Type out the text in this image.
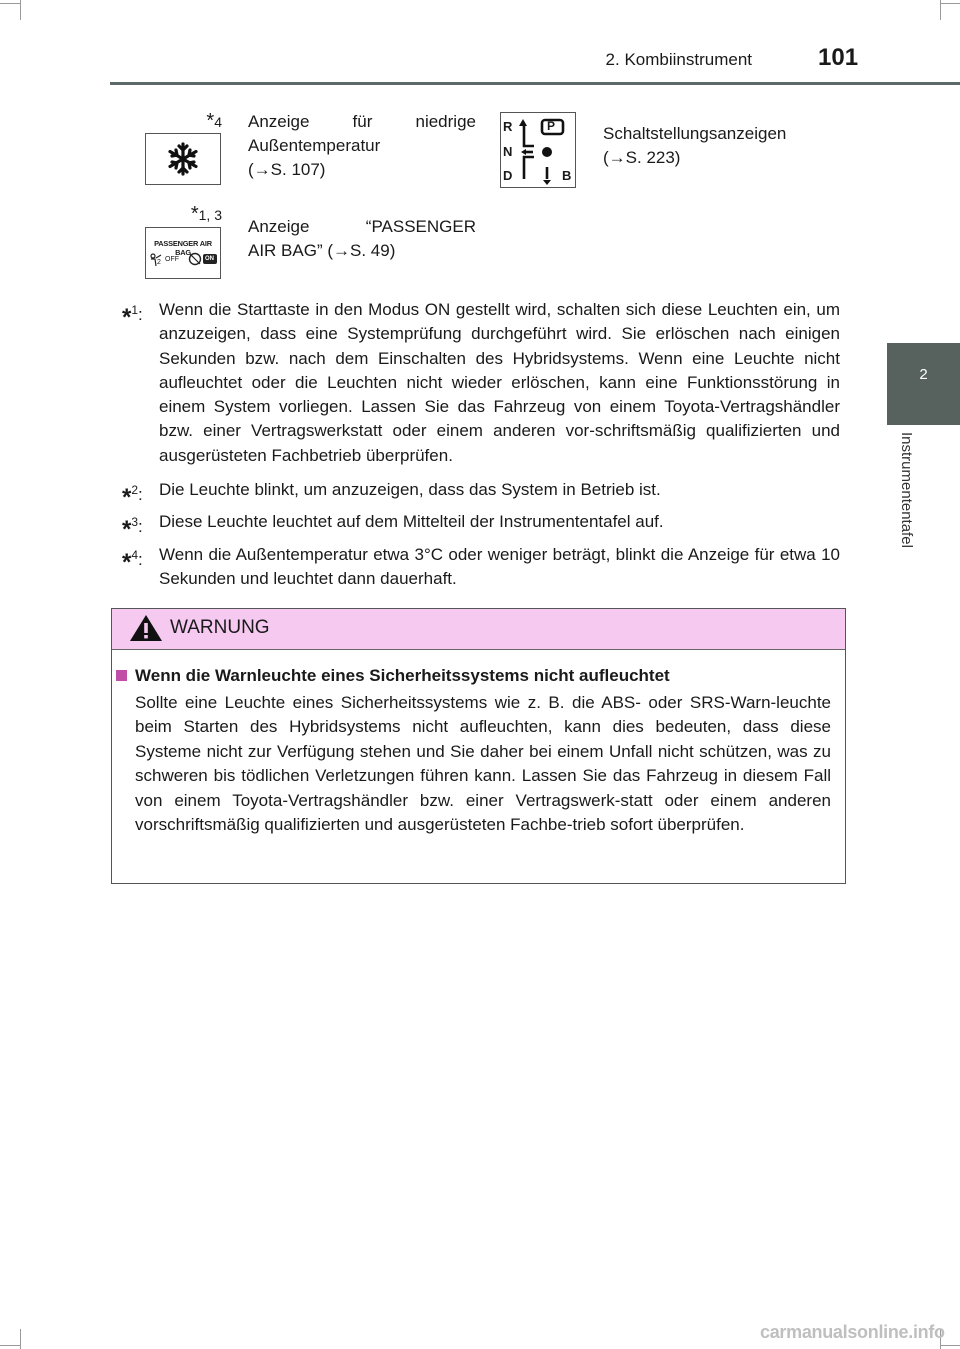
2. Kombiinstrument	101
2
Instrumententafel
*4 Anzeige für niedrige
Außentemperatur
(→S. 107)
R	P
N
D	B
Schaltstellungsanzeigen
(→S. 223)
*1, 3
PASSENGER AIR BAG
2 OFF	ON
Anzeige “PASSENGER
AIR BAG” (→S. 49)
*$^1$: Wenn die Starttaste in den Modus ON gestellt wird, schalten sich diese Leuchten ein, um anzuzeigen, dass eine Systemprüfung durchgeführt wird. Sie erlöschen nach einigen Sekunden bzw. nach dem Einschalten des Hybridsystems. Wenn eine Leuchte nicht aufleuchtet oder die Leuchten nicht wieder erlöschen, kann eine Funktionsstörung in einem System vorliegen. Lassen Sie das Fahrzeug von einem Toyota-Vertragshändler bzw. einer Vertragswerkstatt oder einem anderen vor-schriftsmäßig qualifizierten und ausgerüsteten Fachbetrieb überprüfen.
*$^2$: Die Leuchte blinkt, um anzuzeigen, dass das System in Betrieb ist.
*$^3$: Diese Leuchte leuchtet auf dem Mittelteil der Instrumententafel auf.
*$^4$: Wenn die Außentemperatur etwa 3°C oder weniger beträgt, blinkt die Anzeige für etwa 10 Sekunden und leuchtet dann dauerhaft.
WARNUNG
Wenn die Warnleuchte eines Sicherheitssystems nicht aufleuchtet
Sollte eine Leuchte eines Sicherheitssystems wie z. B. die ABS- oder SRS-Warn-leuchte beim Starten des Hybridsystems nicht aufleuchten, kann dies bedeuten, dass diese Systeme nicht zur Verfügung stehen und Sie daher bei einem Unfall nicht schützen, was zu schweren bis tödlichen Verletzungen führen kann. Lassen Sie das Fahrzeug in diesem Fall von einem Toyota-Vertragshändler bzw. einer Vertragswerk-statt oder einem anderen vorschriftsmäßig qualifizierten und ausgerüsteten Fachbe-trieb sofort überprüfen.
carmanualsonline.info
